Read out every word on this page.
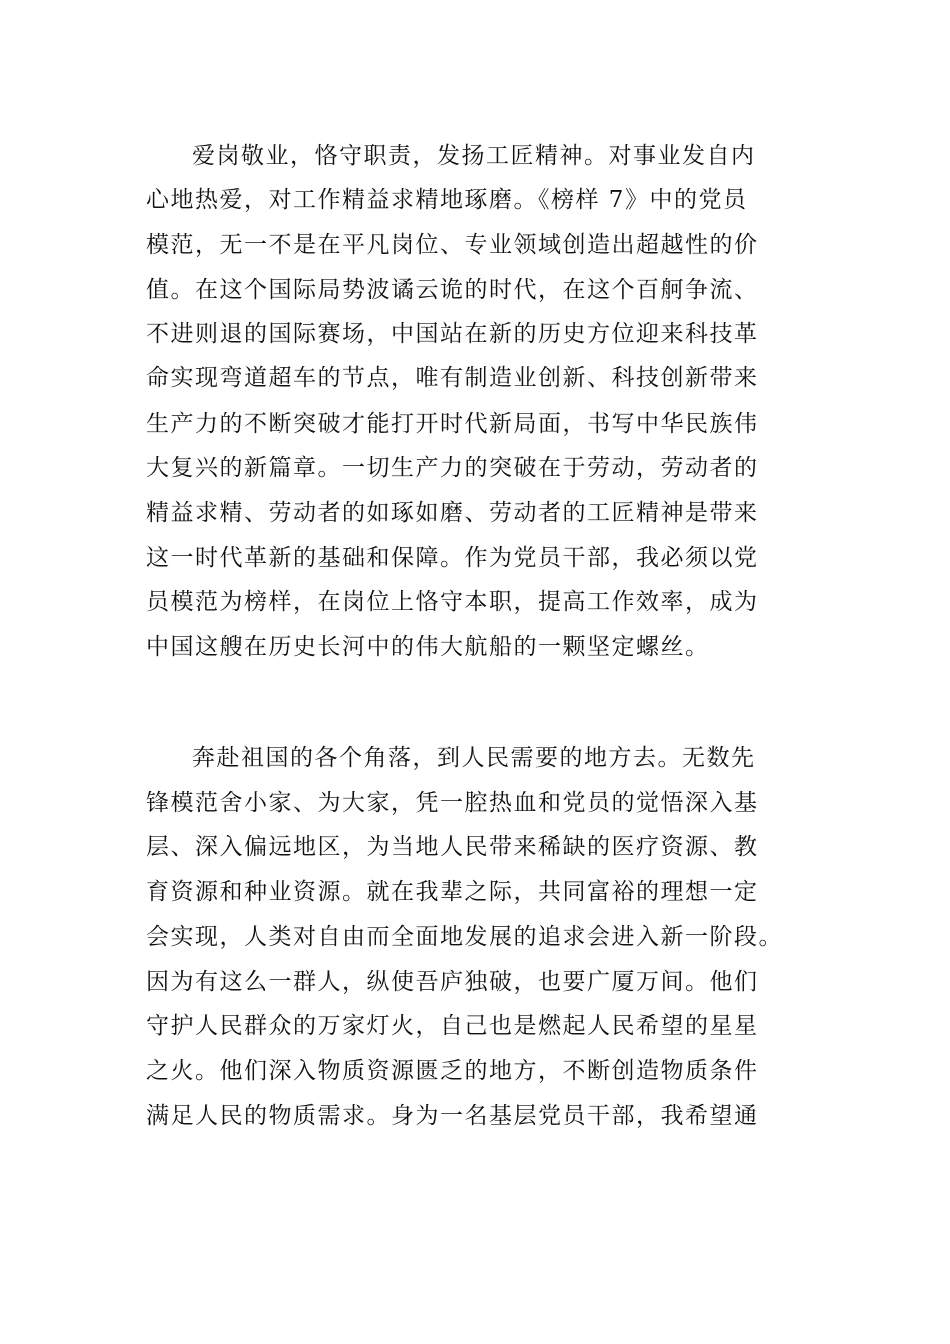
爱岗敬业，恪守职责，发扬工匠精神。对事业发自内
心地热爱，对工作精益求精地琢磨。《榜样 7》中的党员
模范，无一不是在平凡岗位、专业领域创造出超越性的价
值。在这个国际局势波谲云诡的时代，在这个百舸争流、
不进则退的国际赛场，中国站在新的历史方位迎来科技革
命实现弯道超车的节点，唯有制造业创新、科技创新带来
生产力的不断突破才能打开时代新局面，书写中华民族伟
大复兴的新篇章。一切生产力的突破在于劳动，劳动者的
精益求精、劳动者的如琢如磨、劳动者的工匠精神是带来
这一时代革新的基础和保障。作为党员干部，我必须以党
员模范为榜样，在岗位上恪守本职，提高工作效率，成为
中国这艘在历史长河中的伟大航船的一颗坚定螺丝。
奔赴祖国的各个角落，到人民需要的地方去。无数先
锋模范舍小家、为大家，凭一腔热血和党员的觉悟深入基
层、深入偏远地区，为当地人民带来稀缺的医疗资源、教
育资源和种业资源。就在我辈之际，共同富裕的理想一定
会实现，人类对自由而全面地发展的追求会进入新一阶段。
因为有这么一群人，纵使吾庐独破，也要广厦万间。他们
守护人民群众的万家灯火，自己也是燃起人民希望的星星
之火。他们深入物质资源匮乏的地方，不断创造物质条件
满足人民的物质需求。身为一名基层党员干部，我希望通
